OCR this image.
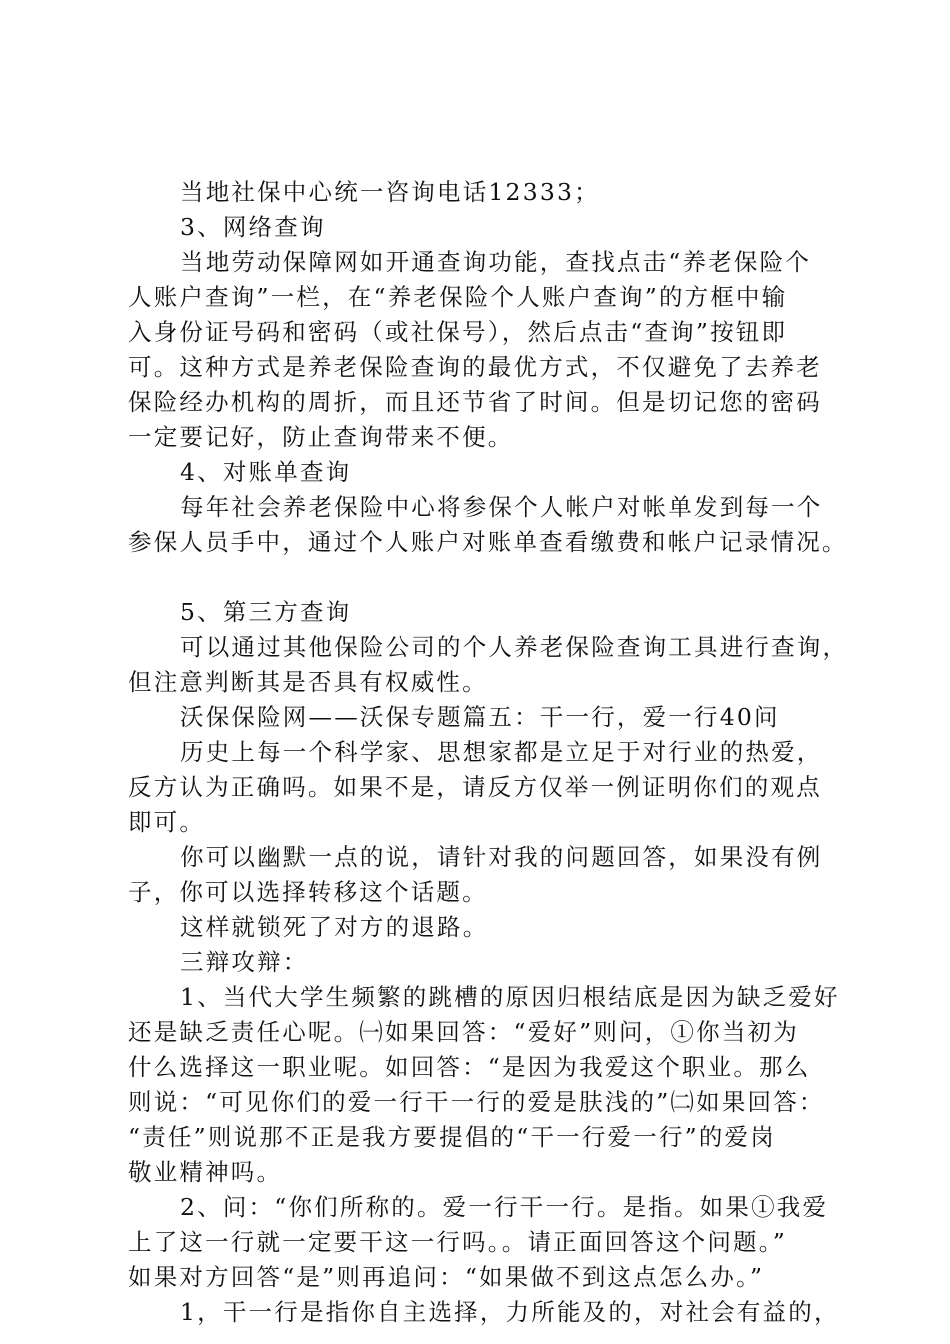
当地社保中心统一咨询电话12333；
3、网络查询
当地劳动保障网如开通查询功能，查找点击“养老保险个
人账户查询”一栏，在“养老保险个人账户查询”的方框中输
入身份证号码和密码（或社保号），然后点击“查询”按钮即
可。这种方式是养老保险查询的最优方式，不仅避免了去养老
保险经办机构的周折，而且还节省了时间。但是切记您的密码
一定要记好，防止查询带来不便。
4、对账单查询
每年社会养老保险中心将参保个人帐户对帐单发到每一个
参保人员手中，通过个人账户对账单查看缴费和帐户记录情况。
5、第三方查询
可以通过其他保险公司的个人养老保险查询工具进行查询，
但注意判断其是否具有权威性。
沃保保险网——沃保专题篇五：干一行，爱一行40问
历史上每一个科学家、思想家都是立足于对行业的热爱，
反方认为正确吗。如果不是，请反方仅举一例证明你们的观点
即可。
你可以幽默一点的说，请针对我的问题回答，如果没有例
子，你可以选择转移这个话题。
这样就锁死了对方的退路。
三辩攻辩：
1、当代大学生频繁的跳槽的原因归根结底是因为缺乏爱好
还是缺乏责任心呢。㈠如果回答：“爱好”则问，①你当初为
什么选择这一职业呢。如回答：“是因为我爱这个职业。那么
则说：“可见你们的爱一行干一行的爱是肤浅的”㈡如果回答：
“责任”则说那不正是我方要提倡的“干一行爱一行”的爱岗
敬业精神吗。
2、问：“你们所称的。爱一行干一行。是指。如果①我爱
上了这一行就一定要干这一行吗。。请正面回答这个问题。”
如果对方回答“是”则再追问：“如果做不到这点怎么办。”
1，干一行是指你自主选择，力所能及的，对社会有益的，
